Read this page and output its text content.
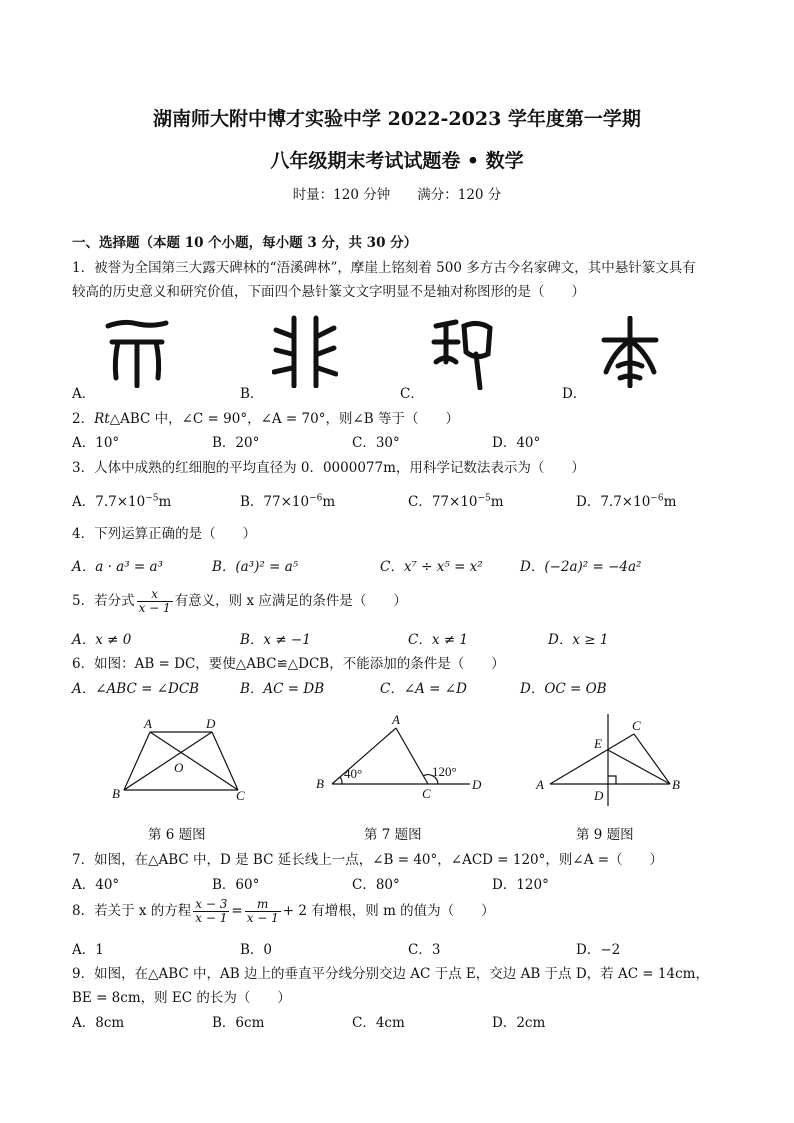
湖南师大附中博才实验中学 2022-2023 学年度第一学期
八年级期末考试试题卷 • 数学
时量：120 分钟　　满分：120 分
一、选择题（本题 10 个小题，每小题 3 分，共 30 分）
1．被誉为全国第三大露天碑林的“浯溪碑林”，摩崖上铭刻着 500 多方古今名家碑文，其中悬针篆文具有
较高的历史意义和研究价值，下面四个悬针篆文文字明显不是轴对称图形的是（　　）
A．	B．	C．	D．
2．Rt△ABC 中，∠C = 90°，∠A = 70°，则∠B 等于（　　）
A．10°	B．20°	C．30°	D．40°
3．人体中成熟的红细胞的平均直径为 0．0000077m，用科学记数法表示为（　　）
A．$7.7\times 10^{-5}m$	B．$77\times 10^{-6}m$	C．$77\times 10^{-5}m$	D．$7.7\times 10^{-6}m$
4．下列运算正确的是（　　）
A．a · a³ = a³	B．(a³)² = a⁵	C．x⁷ ÷ x⁵ = x²	D．(−2a)² = −4a²
5．若分式 $\frac{x}{x - 1}$ 有意义，则 x 应满足的条件是（　　）
A．x ≠ 0	B．x ≠ −1	C．x ≠ 1	D．x ≥ 1
6．如图：AB = DC，要使△ABC≌△DCB，不能添加的条件是（　　）
A．∠ABC = ∠DCB	B．AC = DB	C．∠A = ∠D	D．OC = OB
A	D
O
B	C
第 6 题图
A
B
C
D
40°	120°
第 7 题图
A	B
C
D
E
第 9 题图
7．如图，在△ABC 中，D 是 BC 延长线上一点，∠B = 40°，∠ACD = 120°，则∠A =（　　）
A．40°	B．60°	C．80°	D．120°
8．若关于 x 的方程 $\frac{x - 3}{x - 1} = \frac{m}{x - 1} + 2$ 有增根，则 m 的值为（　　）
A．1	B．0	C．3	D．−2
9．如图，在△ABC 中，AB 边上的垂直平分线分别交边 AC 于点 E，交边 AB 于点 D，若 AC = 14cm，
BE = 8cm，则 EC 的长为（　　）
A．8cm	B．6cm	C．4cm	D．2cm
